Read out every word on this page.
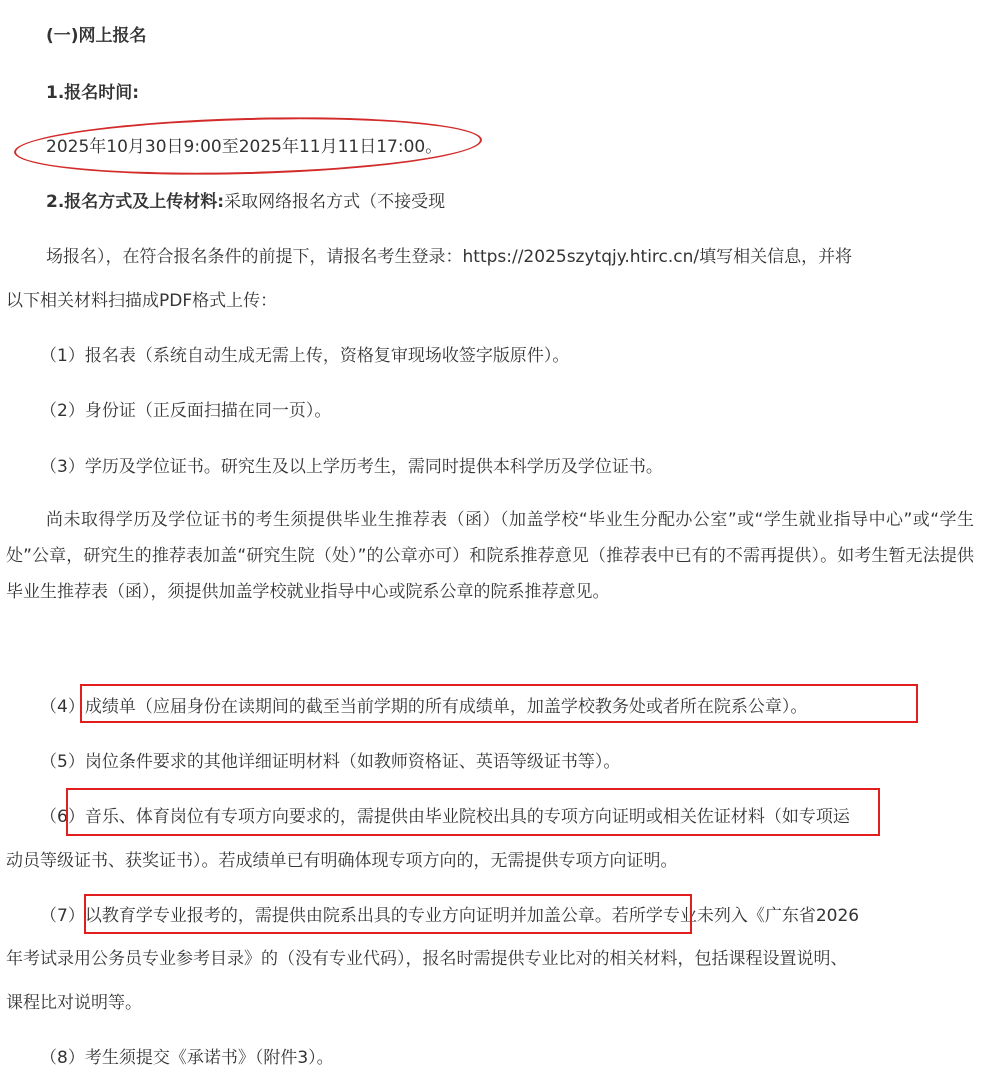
(一)网上报名
1.报名时间:
2025年10月30日9:00至2025年11月11日17:00。
2.报名方式及上传材料:采取网络报名方式（不接受现
场报名），在符合报名条件的前提下，请报名考生登录：https://2025szytqjy.htirc.cn/填写相关信息，并将
以下相关材料扫描成PDF格式上传：
（1）报名表（系统自动生成无需上传，资格复审现场收签字版原件）。
（2）身份证（正反面扫描在同一页）。
（3）学历及学位证书。研究生及以上学历考生，需同时提供本科学历及学位证书。
尚未取得学历及学位证书的考生须提供毕业生推荐表（函）（加盖学校“毕业生分配办公室”或“学生就业指导中心”或“学生处”公章，研究生的推荐表加盖“研究生院（处）”的公章亦可）和院系推荐意见（推荐表中已有的不需再提供）。如考生暂无法提供毕业生推荐表（函），须提供加盖学校就业指导中心或院系公章的院系推荐意见。
（4）成绩单（应届身份在读期间的截至当前学期的所有成绩单，加盖学校教务处或者所在院系公章）。
（5）岗位条件要求的其他详细证明材料（如教师资格证、英语等级证书等）。
（6）音乐、体育岗位有专项方向要求的，需提供由毕业院校出具的专项方向证明或相关佐证材料（如专项运
动员等级证书、获奖证书）。若成绩单已有明确体现专项方向的，无需提供专项方向证明。
（7）以教育学专业报考的，需提供由院系出具的专业方向证明并加盖公章。若所学专业未列入《广东省2026
年考试录用公务员专业参考目录》的（没有专业代码），报名时需提供专业比对的相关材料，包括课程设置说明、
课程比对说明等。
（8）考生须提交《承诺书》（附件3）。
